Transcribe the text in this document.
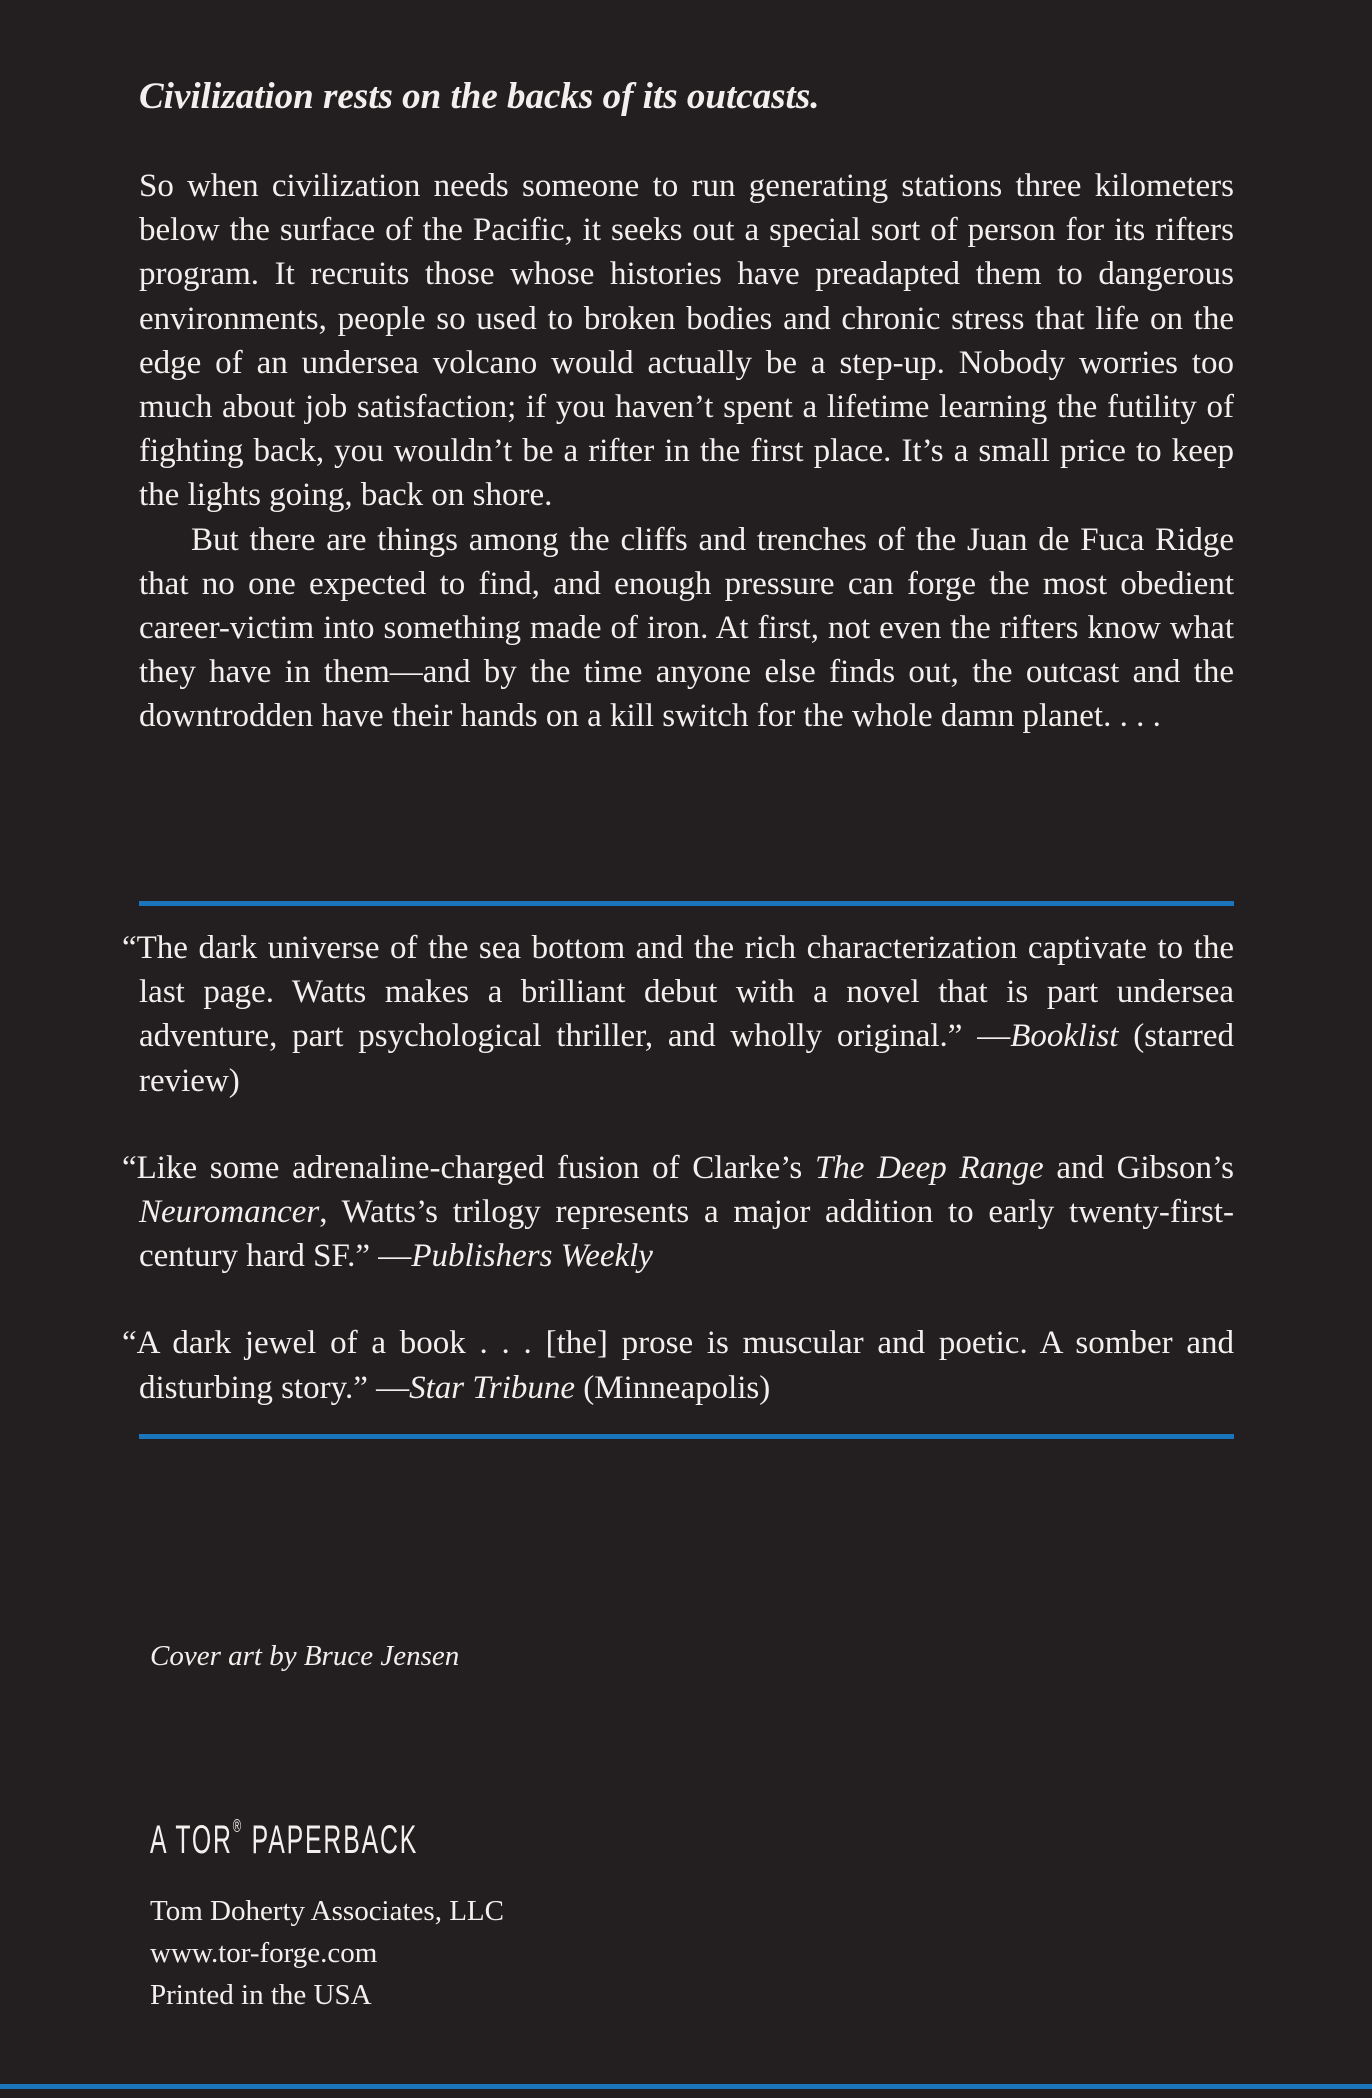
Civilization rests on the backs of its outcasts.

So when civilization needs someone to run generating stations three kilometers below the surface of the Pacific, it seeks out a special sort of person for its rifters program. It recruits those whose histories have preadapted them to dangerous environments, people so used to broken bodies and chronic stress that life on the edge of an undersea volcano would actually be a step-up. Nobody worries too much about job satisfaction; if you haven’t spent a lifetime learning the futility of fighting back, you wouldn’t be a rifter in the first place. It’s a small price to keep the lights going, back on shore.

But there are things among the cliffs and trenches of the Juan de Fuca Ridge that no one expected to find, and enough pressure can forge the most obedient career-victim into something made of iron. At first, not even the rifters know what they have in them—and by the time anyone else finds out, the outcast and the downtrodden have their hands on a kill switch for the whole damn planet. . . .

“The dark universe of the sea bottom and the rich characterization captivate to the last page. Watts makes a brilliant debut with a novel that is part undersea adventure, part psychological thriller, and wholly original.” —Booklist (starred review)

“Like some adrenaline-charged fusion of Clarke’s The Deep Range and Gibson’s Neuromancer, Watts’s trilogy represents a major addition to early twenty-first-century hard SF.” —Publishers Weekly

“A dark jewel of a book . . . [the] prose is muscular and poetic. A somber and disturbing story.” —Star Tribune (Minneapolis)

Cover art by Bruce Jensen

A TOR® PAPERBACK

Tom Doherty Associates, LLC
www.tor-forge.com
Printed in the USA
